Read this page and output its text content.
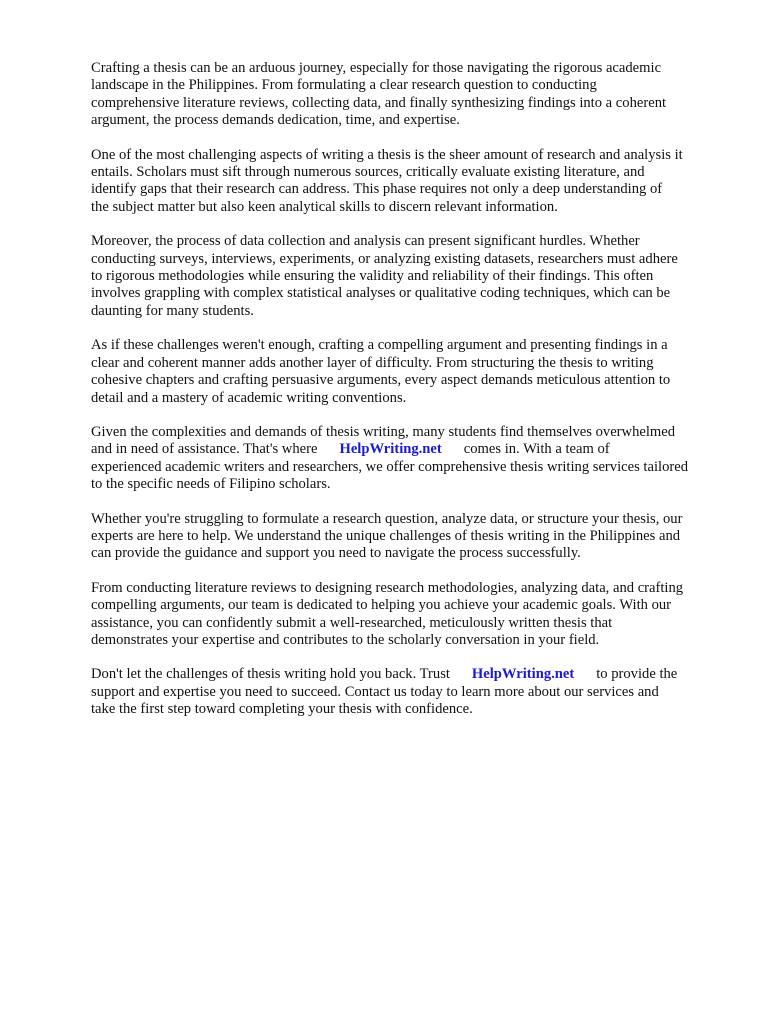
Crafting a thesis can be an arduous journey, especially for those navigating the rigorous academic
landscape in the Philippines. From formulating a clear research question to conducting
comprehensive literature reviews, collecting data, and finally synthesizing findings into a coherent
argument, the process demands dedication, time, and expertise.

One of the most challenging aspects of writing a thesis is the sheer amount of research and analysis it
entails. Scholars must sift through numerous sources, critically evaluate existing literature, and
identify gaps that their research can address. This phase requires not only a deep understanding of
the subject matter but also keen analytical skills to discern relevant information.

Moreover, the process of data collection and analysis can present significant hurdles. Whether
conducting surveys, interviews, experiments, or analyzing existing datasets, researchers must adhere
to rigorous methodologies while ensuring the validity and reliability of their findings. This often
involves grappling with complex statistical analyses or qualitative coding techniques, which can be
daunting for many students.

As if these challenges weren't enough, crafting a compelling argument and presenting findings in a
clear and coherent manner adds another layer of difficulty. From structuring the thesis to writing
cohesive chapters and crafting persuasive arguments, every aspect demands meticulous attention to
detail and a mastery of academic writing conventions.

Given the complexities and demands of thesis writing, many students find themselves overwhelmed
and in need of assistance. That's where HelpWriting.net comes in. With a team of
experienced academic writers and researchers, we offer comprehensive thesis writing services tailored
to the specific needs of Filipino scholars.

Whether you're struggling to formulate a research question, analyze data, or structure your thesis, our
experts are here to help. We understand the unique challenges of thesis writing in the Philippines and
can provide the guidance and support you need to navigate the process successfully.

From conducting literature reviews to designing research methodologies, analyzing data, and crafting
compelling arguments, our team is dedicated to helping you achieve your academic goals. With our
assistance, you can confidently submit a well-researched, meticulously written thesis that
demonstrates your expertise and contributes to the scholarly conversation in your field.

Don't let the challenges of thesis writing hold you back. Trust HelpWriting.net to provide the
support and expertise you need to succeed. Contact us today to learn more about our services and
take the first step toward completing your thesis with confidence.
